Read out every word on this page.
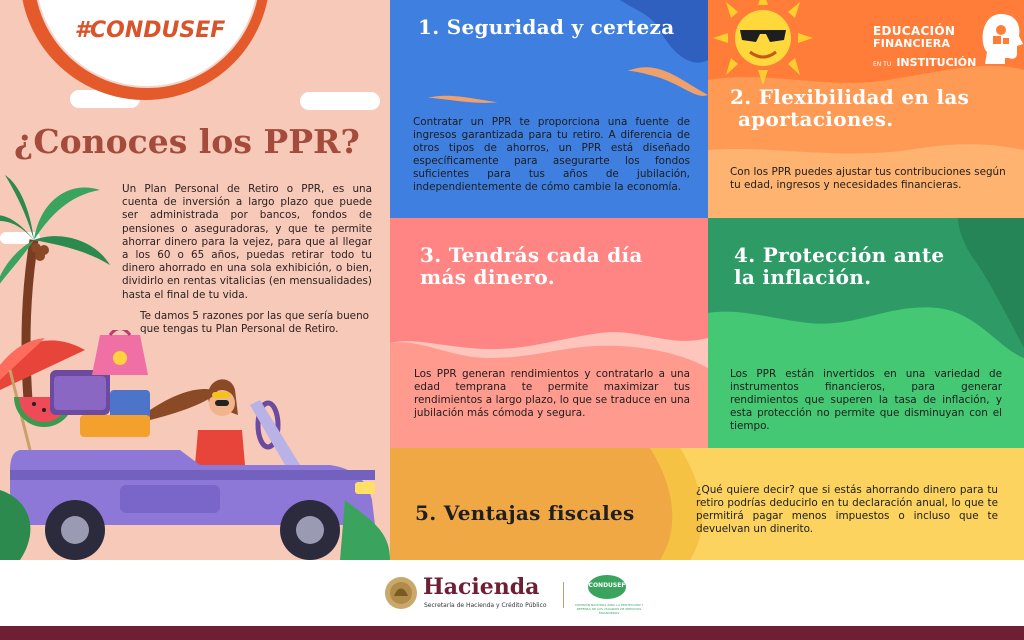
#CONDUSEF
¿Conoces los PPR?
Un Plan Personal de Retiro o PPR, es una cuenta de inversión a largo plazo que puede ser administrada por bancos, fondos de pensiones o aseguradoras, y que te permite ahorrar dinero para la vejez, para que al llegar a los 60 o 65 años, puedas retirar todo tu dinero ahorrado en una sola exhibición, o bien, dividirlo en rentas vitalicias (en mensualidades) hasta el final de tu vida.
Te damos 5 razones por las que sería bueno que tengas tu Plan Personal de Retiro.
1. Seguridad y certeza
Contratar un PPR te proporciona una fuente de ingresos garantizada para tu retiro. A diferencia de otros tipos de ahorros, un PPR está diseñado específicamente para asegurarte los fondos suficientes para tus años de jubilación, independientemente de cómo cambie la economía.
EDUCACIÓN
FINANCIERA
EN TU INSTITUCIÓN
2. Flexibilidad en las
aportaciones.
Con los PPR puedes ajustar tus contribuciones según tu edad, ingresos y necesidades financieras.
3. Tendrás cada día
más dinero.
Los PPR generan rendimientos y contratarlo a una edad temprana te permite maximizar tus rendimientos a largo plazo, lo que se traduce en una jubilación más cómoda y segura.
4. Protección ante
la inflación.
Los PPR están invertidos en una variedad de instrumentos financieros, para generar rendimientos que superen la tasa de inflación, y esta protección no permite que disminuyan con el tiempo.
5. Ventajas fiscales
¿Qué quiere decir? que si estás ahorrando dinero para tu retiro podrías deducirlo en tu declaración anual, lo que te permitirá pagar menos impuestos o incluso que te devuelvan un dinerito.
Hacienda
Secretaría de Hacienda y Crédito Público
CONDUSEF
COMISIÓN NACIONAL PARA LA PROTECCIÓN Y DEFENSA DE LOS USUARIOS DE SERVICIOS FINANCIEROS
